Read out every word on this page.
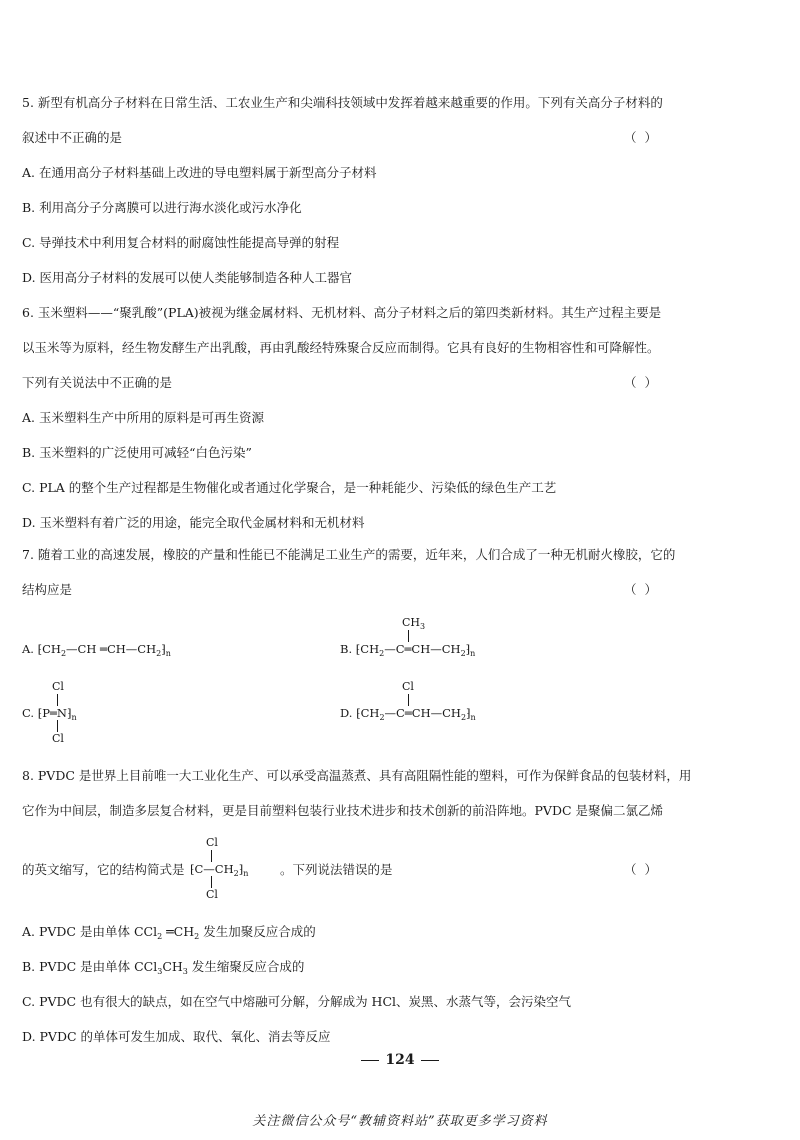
5. 新型有机高分子材料在日常生活、工农业生产和尖端科技领域中发挥着越来越重要的作用。下列有关高分子材料的
叙述中不正确的是	（ ）
A. 在通用高分子材料基础上改进的导电塑料属于新型高分子材料
B. 利用高分子分离膜可以进行海水淡化或污水净化
C. 导弹技术中利用复合材料的耐腐蚀性能提高导弹的射程
D. 医用高分子材料的发展可以使人类能够制造各种人工器官
6. 玉米塑料——“聚乳酸”(PLA)被视为继金属材料、无机材料、高分子材料之后的第四类新材料。其生产过程主要是
以玉米等为原料，经生物发酵生产出乳酸，再由乳酸经特殊聚合反应而制得。它具有良好的生物相容性和可降解性。
下列有关说法中不正确的是	（ ）
A. 玉米塑料生产中所用的原料是可再生资源
B. 玉米塑料的广泛使用可减轻“白色污染”
C. PLA 的整个生产过程都是生物催化或者通过化学聚合，是一种耗能少、污染低的绿色生产工艺
D. 玉米塑料有着广泛的用途，能完全取代金属材料和无机材料
7. 随着工业的高速发展，橡胶的产量和性能已不能满足工业生产的需要，近年来，人们合成了一种无机耐火橡胶，它的
结构应是	（ ）
A. $⁅CH_2—CH$ $═CH—CH_2⁆_n$
$CH_3$
B. $⁅CH_2—C═CH—CH_2⁆_n$
Cl
C. $⁅P═N⁆_n$
Cl
Cl
D. $⁅CH_2—C═CH—CH_2⁆_n$
8. PVDC 是世界上目前唯一大工业化生产、可以承受高温蒸煮、具有高阻隔性能的塑料，可作为保鲜食品的包装材料，用
它作为中间层，制造多层复合材料，更是目前塑料包装行业技术进步和技术创新的前沿阵地。PVDC 是聚偏二氯乙烯
的英文缩写，它的结构简式是
Cl
$⁅C—CH_2⁆_n$
Cl
。下列说法错误的是	（ ）
A. PVDC 是由单体 CCl$_2$ $═CH_2$ 发生加聚反应合成的
B. PVDC 是由单体 $CCl_3CH_3$ 发生缩聚反应合成的
C. PVDC 也有很大的缺点，如在空气中熔融可分解，分解成为 HCl、炭黑、水蒸气等，会污染空气
D. PVDC 的单体可发生加成、取代、氧化、消去等反应
124
关注微信公众号“教辅资料站”获取更多学习资料
